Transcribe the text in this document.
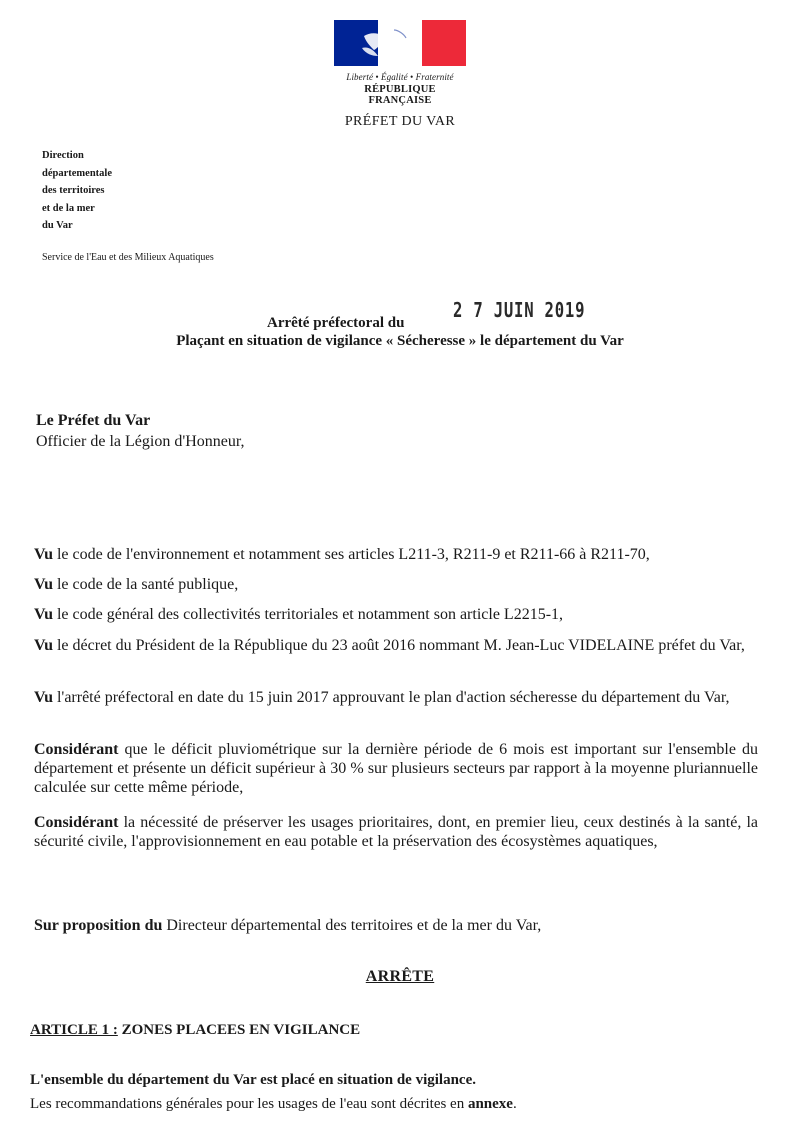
Liberté • Égalité • Fraternité
RÉPUBLIQUE FRANÇAISE
PRÉFET DU VAR
Direction
départementale
des territoires
et de la mer
du Var
Service de l'Eau et des Milieux Aquatiques
2 7 JUIN 2019
Arrêté préfectoral du
Plaçant en situation de vigilance « Sécheresse » le département du Var
Le Préfet du Var
Officier de la Légion d'Honneur,
Vu le code de l'environnement et notamment ses articles L211-3, R211-9 et R211-66 à R211-70,
Vu le code de la santé publique,
Vu le code général des collectivités territoriales et notamment son article L2215-1,
Vu le décret du Président de la République du 23 août 2016 nommant M. Jean-Luc VIDELAINE préfet du Var,
Vu l'arrêté préfectoral en date du 15 juin 2017 approuvant le plan d'action sécheresse du département du Var,
Considérant que le déficit pluviométrique sur la dernière période de 6 mois est important sur l'ensemble du département et présente un déficit supérieur à 30 % sur plusieurs secteurs par rapport à la moyenne pluriannuelle calculée sur cette même période,
Considérant la nécessité de préserver les usages prioritaires, dont, en premier lieu, ceux destinés à la santé, la sécurité civile, l'approvisionnement en eau potable et la préservation des écosystèmes aquatiques,
Sur proposition du Directeur départemental des territoires et de la mer du Var,
ARRÊTE
ARTICLE 1 : ZONES PLACEES EN VIGILANCE
L'ensemble du département du Var est placé en situation de vigilance.
Les recommandations générales pour les usages de l'eau sont décrites en annexe.
